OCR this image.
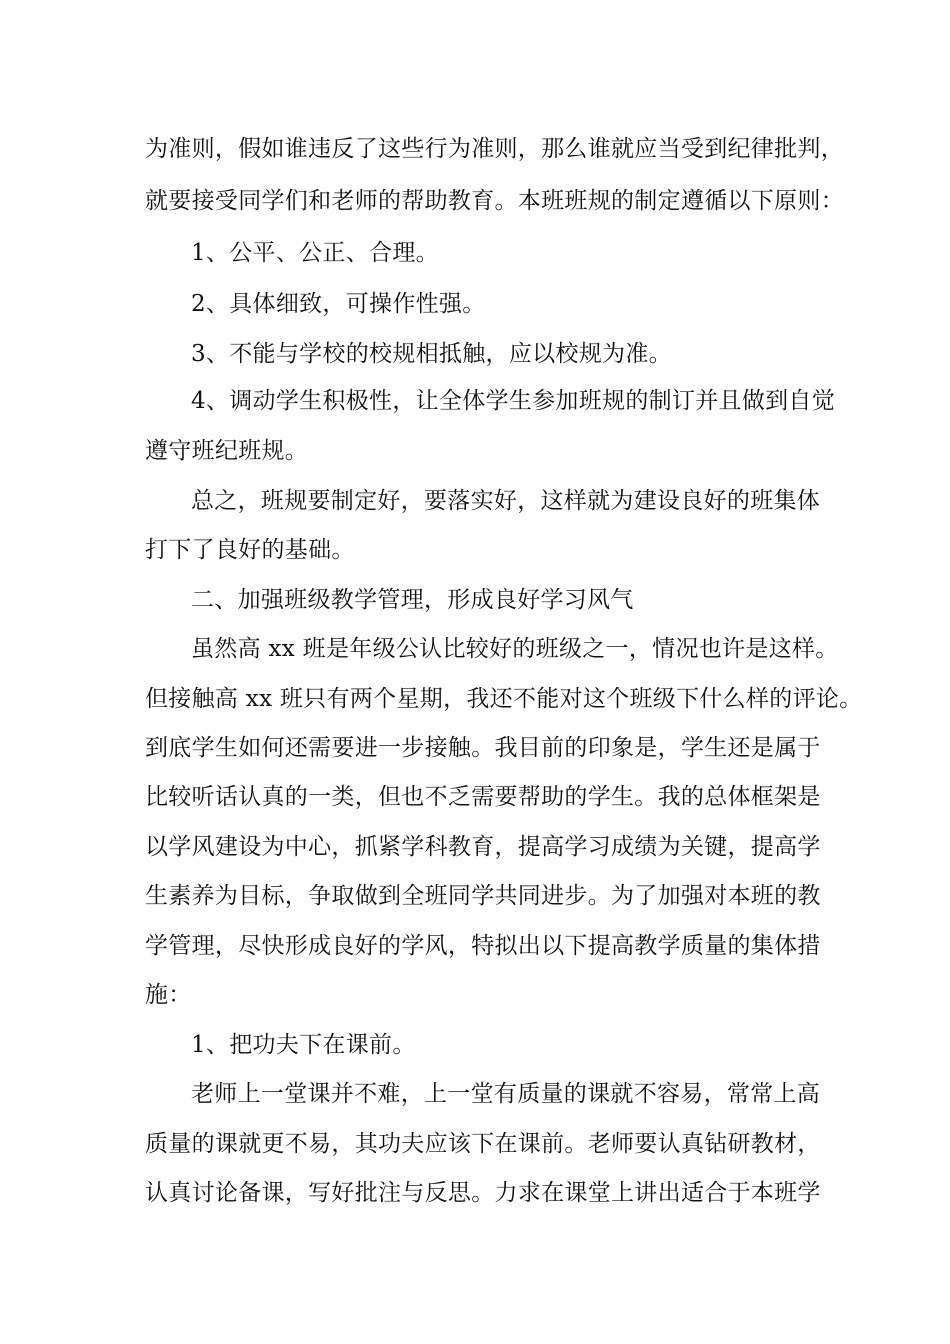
为准则，假如谁违反了这些行为准则，那么谁就应当受到纪律批判，
就要接受同学们和老师的帮助教育。本班班规的制定遵循以下原则：
1、公平、公正、合理。
2、具体细致，可操作性强。
3、不能与学校的校规相抵触，应以校规为准。
4、调动学生积极性，让全体学生参加班规的制订并且做到自觉
遵守班纪班规。
总之，班规要制定好，要落实好，这样就为建设良好的班集体
打下了良好的基础。
二、加强班级教学管理，形成良好学习风气
虽然高 xx 班是年级公认比较好的班级之一，情况也许是这样。
但接触高 xx 班只有两个星期，我还不能对这个班级下什么样的评论。
到底学生如何还需要进一步接触。我目前的印象是，学生还是属于
比较听话认真的一类，但也不乏需要帮助的学生。我的总体框架是
以学风建设为中心，抓紧学科教育，提高学习成绩为关键，提高学
生素养为目标，争取做到全班同学共同进步。为了加强对本班的教
学管理，尽快形成良好的学风，特拟出以下提高教学质量的集体措
施：
1、把功夫下在课前。
老师上一堂课并不难，上一堂有质量的课就不容易，常常上高
质量的课就更不易，其功夫应该下在课前。老师要认真钻研教材，
认真讨论备课，写好批注与反思。力求在课堂上讲出适合于本班学
